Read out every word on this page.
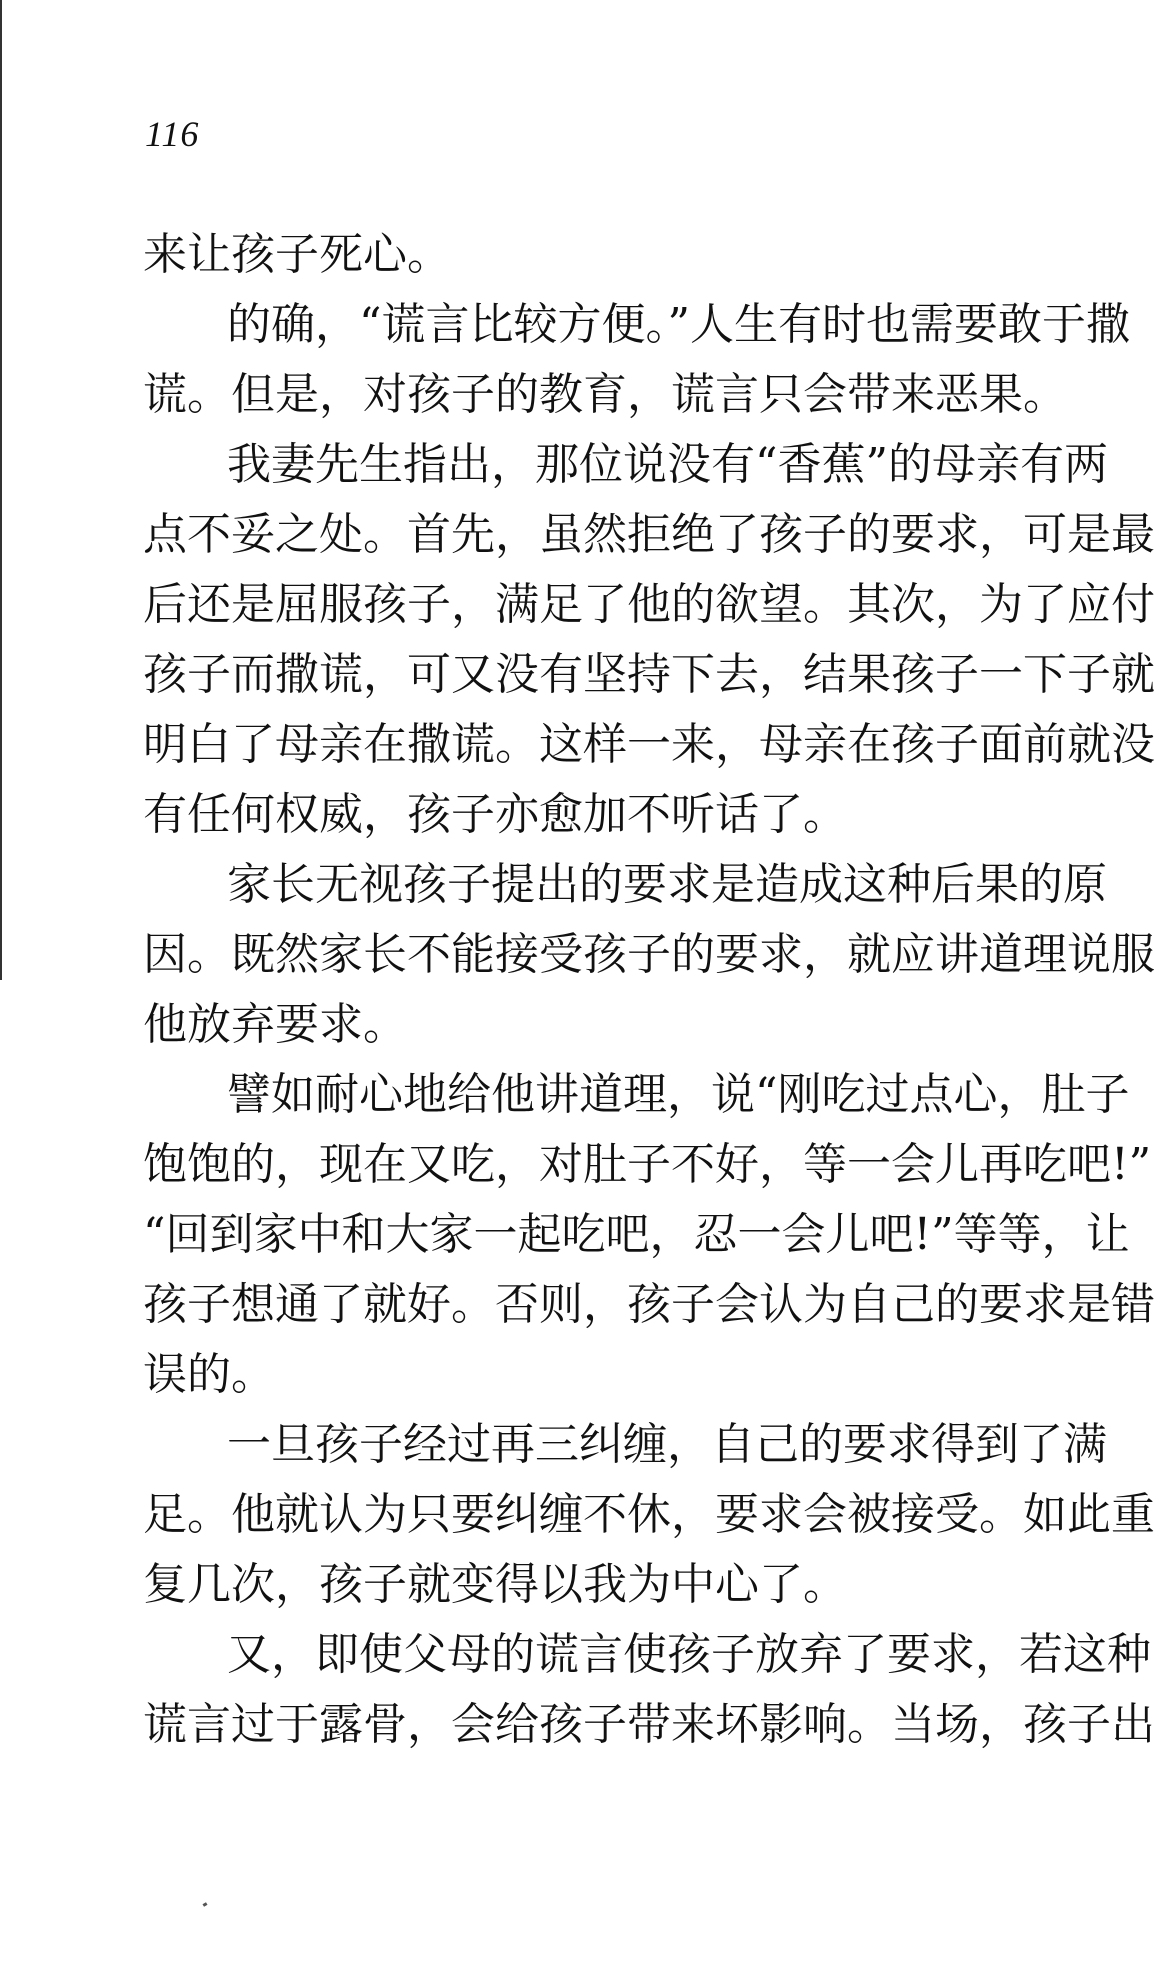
116
来让孩子死心。
的确，“谎言比较方便。”人生有时也需要敢于撒
谎。但是，对孩子的教育，谎言只会带来恶果。
我妻先生指出，那位说没有“香蕉”的母亲有两
点不妥之处。首先，虽然拒绝了孩子的要求，可是最
后还是屈服孩子，满足了他的欲望。其次，为了应付
孩子而撒谎，可又没有坚持下去，结果孩子一下子就
明白了母亲在撒谎。这样一来，母亲在孩子面前就没
有任何权威，孩子亦愈加不听话了。
家长无视孩子提出的要求是造成这种后果的原
因。既然家长不能接受孩子的要求，就应讲道理说服
他放弃要求。
譬如耐心地给他讲道理，说“刚吃过点心，肚子
饱饱的，现在又吃，对肚子不好，等一会儿再吃吧!”
“回到家中和大家一起吃吧，忍一会儿吧!”等等，让
孩子想通了就好。否则，孩子会认为自己的要求是错
误的。
一旦孩子经过再三纠缠，自己的要求得到了满
足。他就认为只要纠缠不休，要求会被接受。如此重
复几次，孩子就变得以我为中心了。
又，即使父母的谎言使孩子放弃了要求，若这种
谎言过于露骨，会给孩子带来坏影响。当场，孩子出
